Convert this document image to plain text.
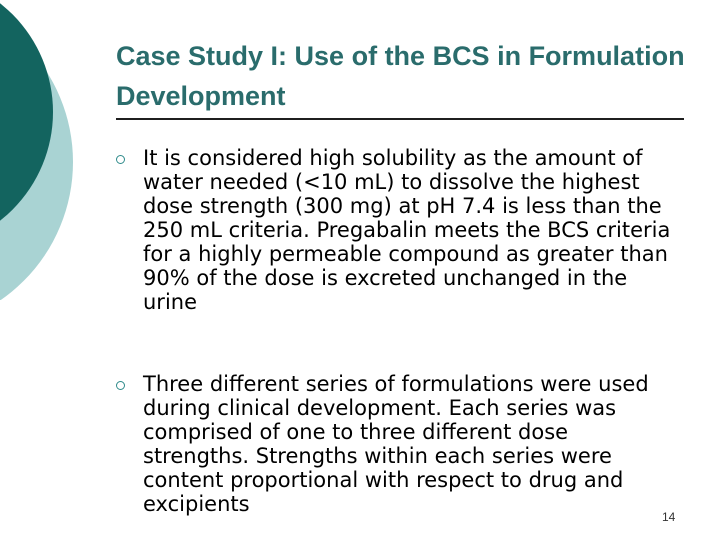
Case Study I: Use of the BCS in Formulation Development

It is considered high solubility as the amount of water needed (<10 mL) to dissolve the highest dose strength (300 mg) at pH 7.4 is less than the 250 mL criteria. Pregabalin meets the BCS criteria for a highly permeable compound as greater than 90% of the dose is excreted unchanged in the urine

Three different series of formulations were used during clinical development. Each series was comprised of one to three different dose strengths. Strengths within each series were content proportional with respect to drug and excipients

14
